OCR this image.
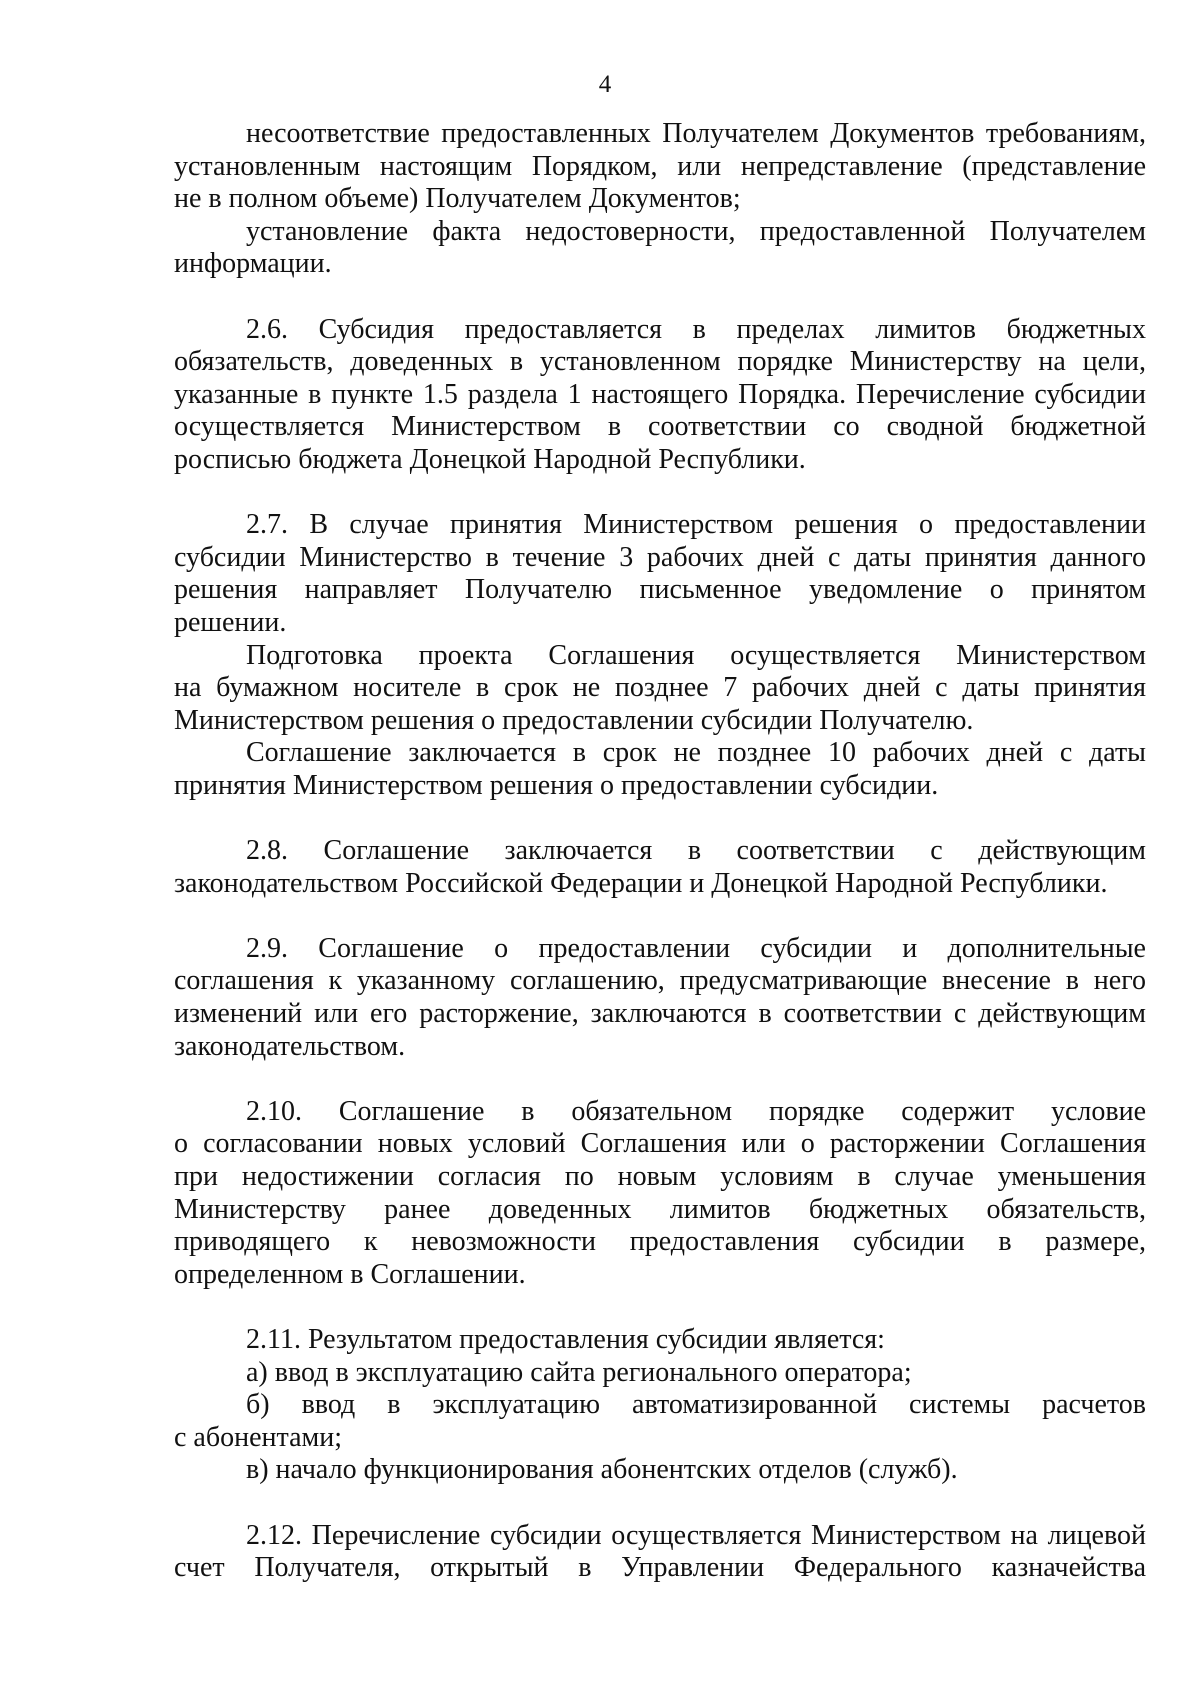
4

несоответствие предоставленных Получателем Документов требованиям,
установленным настоящим Порядком, или непредставление (представление
не в полном объеме) Получателем Документов;

установление факта недостоверности, предоставленной Получателем
информации.

2.6. Субсидия предоставляется в пределах лимитов бюджетных
обязательств, доведенных в установленном порядке Министерству на цели,
указанные в пункте 1.5 раздела 1 настоящего Порядка. Перечисление субсидии
осуществляется Министерством в соответствии со сводной бюджетной
росписью бюджета Донецкой Народной Республики.

2.7. В случае принятия Министерством решения о предоставлении
субсидии Министерство в течение 3 рабочих дней с даты принятия данного
решения направляет Получателю письменное уведомление о принятом
решении.

Подготовка проекта Соглашения осуществляется Министерством
на бумажном носителе в срок не позднее 7 рабочих дней с даты принятия
Министерством решения о предоставлении субсидии Получателю.

Соглашение заключается в срок не позднее 10 рабочих дней с даты
принятия Министерством решения о предоставлении субсидии.

2.8. Соглашение заключается в соответствии с действующим
законодательством Российской Федерации и Донецкой Народной Республики.

2.9. Соглашение о предоставлении субсидии и дополнительные
соглашения к указанному соглашению, предусматривающие внесение в него
изменений или его расторжение, заключаются в соответствии с действующим
законодательством.

2.10. Соглашение в обязательном порядке содержит условие
о согласовании новых условий Соглашения или о расторжении Соглашения
при недостижении согласия по новым условиям в случае уменьшения
Министерству ранее доведенных лимитов бюджетных обязательств,
приводящего к невозможности предоставления субсидии в размере,
определенном в Соглашении.

2.11. Результатом предоставления субсидии является:

а) ввод в эксплуатацию сайта регионального оператора;

б) ввод в эксплуатацию автоматизированной системы расчетов
с абонентами;

в) начало функционирования абонентских отделов (служб).

2.12. Перечисление субсидии осуществляется Министерством на лицевой
счет Получателя, открытый в Управлении Федерального казначейства
